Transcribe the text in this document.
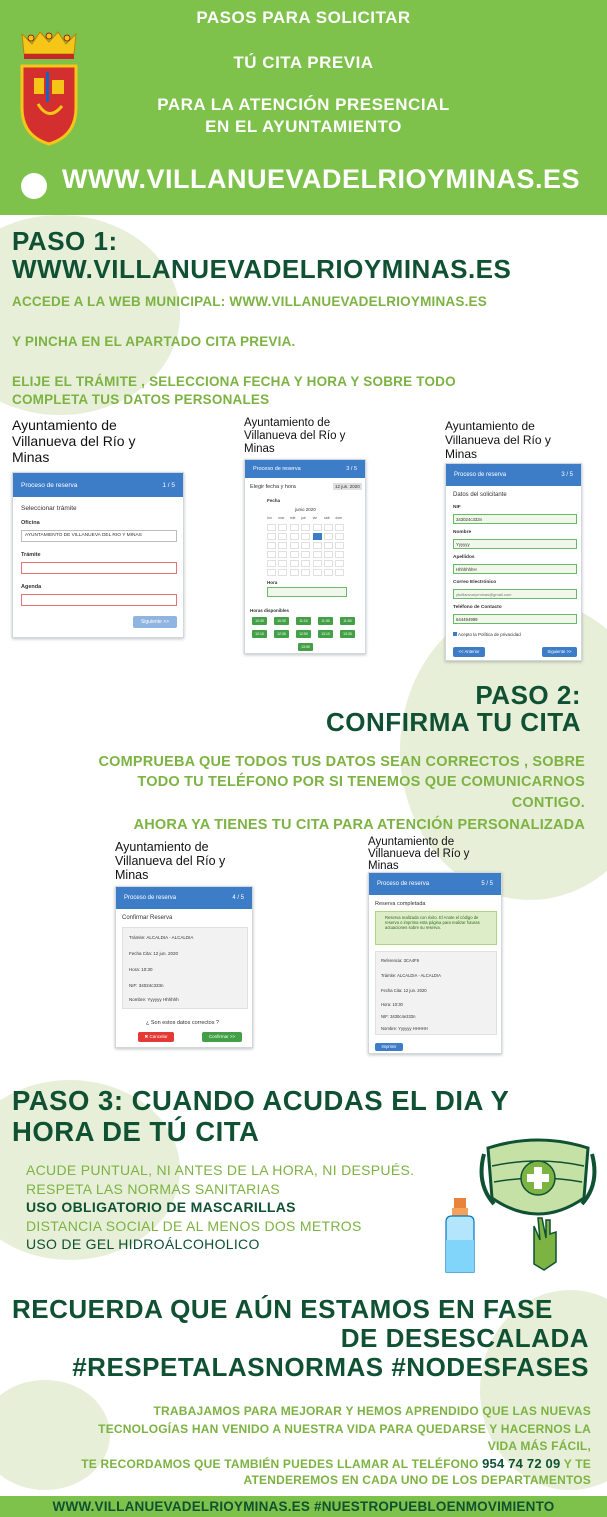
PASOS PARA SOLICITAR
TÚ CITA PREVIA
PARA LA ATENCIÓN PRESENCIAL
EN EL AYUNTAMIENTO
WWW.VILLANUEVADELRIOYMINAS.ES
PASO 1:
WWW.VILLANUEVADELRIOYMINAS.ES
ACCEDE A LA WEB MUNICIPAL: WWW.VILLANUEVADELRIOYMINAS.ES
Y PINCHA EN EL APARTADO CITA PREVIA.
ELIJE EL TRÁMITE , SELECCIONA FECHA Y HORA Y SOBRE TODO
COMPLETA TUS DATOS PERSONALES
Ayuntamiento de Villanueva del Río y Minas
Proceso de reserva	1 / 5
Seleccionar trámite
Oficina
AYUNTAMIENTO DE VILLANUEVA DEL RIO Y MINAS
Trámite
Agenda
Siguiente >>
Ayuntamiento de Villanueva del Río y Minas
Proceso de reserva	3 / 5
Elegir fecha y hora	12 jun. 2020
Fecha
junio 2020
lun mar mié jue vie sáb dom
Hora
Horas disponibles
10:30	10:30	11:10	11:30	11:50
12:10	12:30	12:50	13:10	13:30
13:50
Ayuntamiento de Villanueva del Río y Minas
Proceso de reserva	3 / 5
Datos del solicitante
NIF
343024c333n
Nombre
Yyyyyy
Apellidos
HhhhhhhH
Correo Electrónico
ytutilanvueyrminas@gmail.com
Teléfono de Contacto
644494999
Acepto la Política de privacidad
<< Anterior	Siguiente >>
PASO 2:
CONFIRMA TU CITA
COMPRUEBA QUE TODOS TUS DATOS SEAN CORRECTOS , SOBRE
TODO TU TELÉFONO POR SI TENEMOS QUE COMUNICARNOS
CONTIGO.
AHORA YA TIENES TU CITA PARA ATENCIÓN PERSONALIZADA
Ayuntamiento de Villanueva del Río y Minas
Proceso de reserva	4 / 5
Confirmar Reserva
Trámite: ALCALDIA - ALCALDIA
Fecha Cita: 12 jun. 2020
Hora: 10:30
NIF: 34024c333n
Nombre: Yyyyyy Hhhhhh
¿ Son estos datos correctos ?
✖ Cancelar	Confirmar >>
Ayuntamiento de Villanueva del Río y Minas
Proceso de reserva	5 / 5
Reserva completada
Reserva realizada con éxito. El Anote el código de reserva o imprima esta página para realizar futuras actuaciones sobre su reserva.
Referencia: 3CA4F9
Trámite: ALCALDIA - ALCALDIA
Fecha Cita: 12 jun. 2020
Hora: 10:30
NIF: 3430c4e333n
Nombre: Yyyyyy HHHHH
Imprimir
PASO 3: CUANDO ACUDAS EL DIA Y
HORA DE TÚ CITA
ACUDE PUNTUAL, NI ANTES DE LA HORA, NI DESPUÉS.
RESPETA LAS NORMAS SANITARIAS
USO OBLIGATORIO DE MASCARILLAS
DISTANCIA SOCIAL DE AL MENOS DOS METROS
USO DE GEL HIDROÁLCOHOLICO
RECUERDA QUE AÚN ESTAMOS EN FASE
DE DESESCALADA
#RESPETALASNORMAS #NODESFASES
TRABAJAMOS PARA MEJORAR Y HEMOS APRENDIDO QUE LAS NUEVAS
TECNOLOGÍAS HAN VENIDO A NUESTRA VIDA PARA QUEDARSE Y HACERNOS LA
VIDA MÁS FÁCIL,
TE RECORDAMOS QUE TAMBIÉN PUEDES LLAMAR AL TELÉFONO 954 74 72 09 Y TE
ATENDEREMOS EN CADA UNO DE LOS DEPARTAMENTOS
WWW.VILLANUEVADELRIOYMINAS.ES #NUESTROPUEBLOENMOVIMIENTO
